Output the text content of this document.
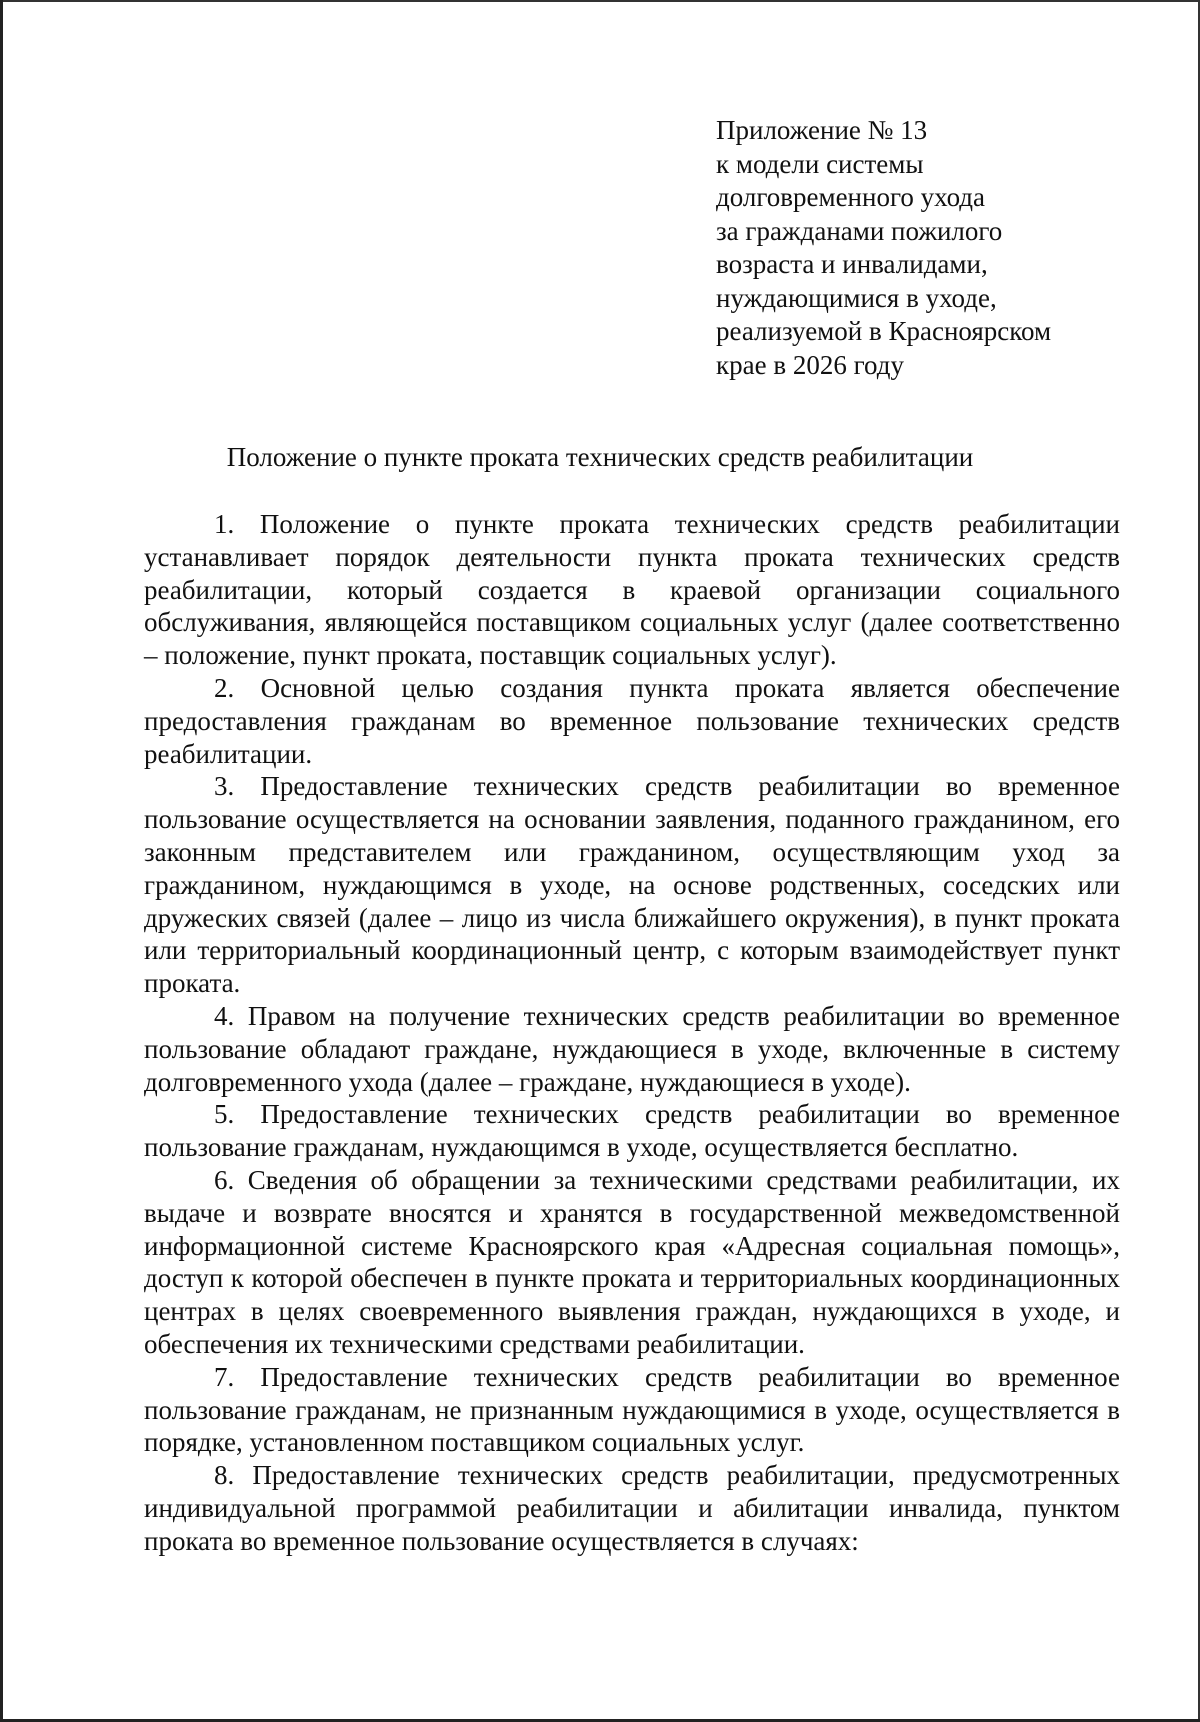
Приложение № 13
к модели системы
долговременного ухода
за гражданами пожилого
возраста и инвалидами,
нуждающимися в уходе,
реализуемой в Красноярском
крае в 2026 году
Положение о пункте проката технических средств реабилитации

1. Положение о пункте проката технических средств реабилитации устанавливает порядок деятельности пункта проката технических средств реабилитации, который создается в краевой организации социального обслуживания, являющейся поставщиком социальных услуг (далее соответственно – положение, пункт проката, поставщик социальных услуг).

2. Основной целью создания пункта проката является обеспечение предоставления гражданам во временное пользование технических средств реабилитации.

3. Предоставление технических средств реабилитации во временное пользование осуществляется на основании заявления, поданного гражданином, его законным представителем или гражданином, осуществляющим уход за гражданином, нуждающимся в уходе, на основе родственных, соседских или дружеских связей (далее – лицо из числа ближайшего окружения), в пункт проката или территориальный координационный центр, с которым взаимодействует пункт проката.

4. Правом на получение технических средств реабилитации во временное пользование обладают граждане, нуждающиеся в уходе, включенные в систему долговременного ухода (далее – граждане, нуждающиеся в уходе).

5. Предоставление технических средств реабилитации во временное пользование гражданам, нуждающимся в уходе, осуществляется бесплатно.

6. Сведения об обращении за техническими средствами реабилитации, их выдаче и возврате вносятся и хранятся в государственной межведомственной информационной системе Красноярского края «Адресная социальная помощь», доступ к которой обеспечен в пункте проката и территориальных координационных центрах в целях своевременного выявления граждан, нуждающихся в уходе, и обеспечения их техническими средствами реабилитации.

7. Предоставление технических средств реабилитации во временное пользование гражданам, не признанным нуждающимися в уходе, осуществляется в порядке, установленном поставщиком социальных услуг.

8. Предоставление технических средств реабилитации, предусмотренных индивидуальной программой реабилитации и абилитации инвалида, пунктом проката во временное пользование осуществляется в случаях:
